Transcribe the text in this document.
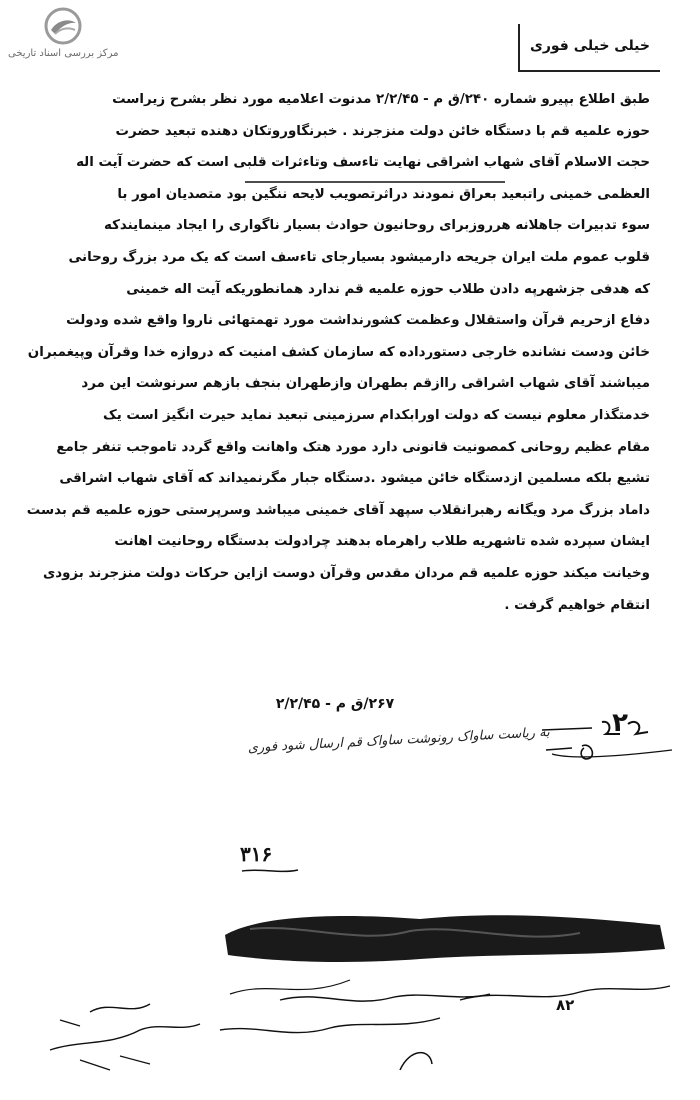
مرکز بررسی اسناد تاریخی	خیلی خیلی فوری

طبق اطلاع بپیرو شماره ۲۴۰/ق م - ۲/۲/۴۵ مدنوت اعلامیه مورد نظر بشرح زیراست

حوزه علمیه قم با دستگاه خائن دولت منزجرند . خبرنگاوروتکان دهنده تبعید حضرت

حجت الاسلام آقای شهاب اشراقی نهایت تاءسف وتاءثرات قلبی است که حضرت آیت اله

العظمی خمینی راتبعید بعراق نمودند دراثرتصویب لایحه ننگین بود متصدیان امور با

سوء تدبیرات جاهلانه هرروزبرای روحانیون حوادث بسیار ناگواری را ایجاد مینمایندکه

قلوب عموم ملت ایران جریحه دارمیشود بسیارجای تاءسف است که یک مرد بزرگ روحانی

که هدفی جزشهرپه دادن طلاب حوزه علمیه قم ندارد همانطوریکه آیت اله خمینی

دفاع ازحریم قرآن واستقلال وعظمت کشورنداشت مورد تهمتهائی ناروا واقع شده ودولت

خائن ودست نشانده خارجی دستورداده که سازمان کشف امنیت که دروازه خدا وقرآن وپیغمبران

میباشند آقای شهاب اشراقی راازقم بطهران وازطهران بنجف بازهم سرنوشت این مرد

خدمتگذار معلوم نیست که دولت اورابکدام سرزمینی تبعید نماید حیرت انگیز است یک

مقام عظیم روحانی کمصونیت قانونی دارد مورد هتک واهانت واقع گردد تاموجب تنفر جامع

تشیع بلکه مسلمین ازدستگاه خائن میشود .دستگاه جبار مگرنمیداند که آقای شهاب اشراقی

داماد بزرگ مرد ویگانه رهبرانقلاب سپهد آقای خمینی میباشد وسرپرستی حوزه علمیه قم بدست

ایشان سپرده شده تاشهریه طلاب راهرماه بدهند چرادولت بدستگاه روحانیت اهانت

وخیانت میکند حوزه علمیه قم مردان مقدس وقرآن دوست ازاین حرکات دولت منزجرند بزودی

انتقام خواهیم گرفت .

۲۶۷/ق م - ۲/۲/۴۵
۲
به ریاست ساواک رونوشت ساواک قم ارسال شود فوری
۳۱۶
۸۲
